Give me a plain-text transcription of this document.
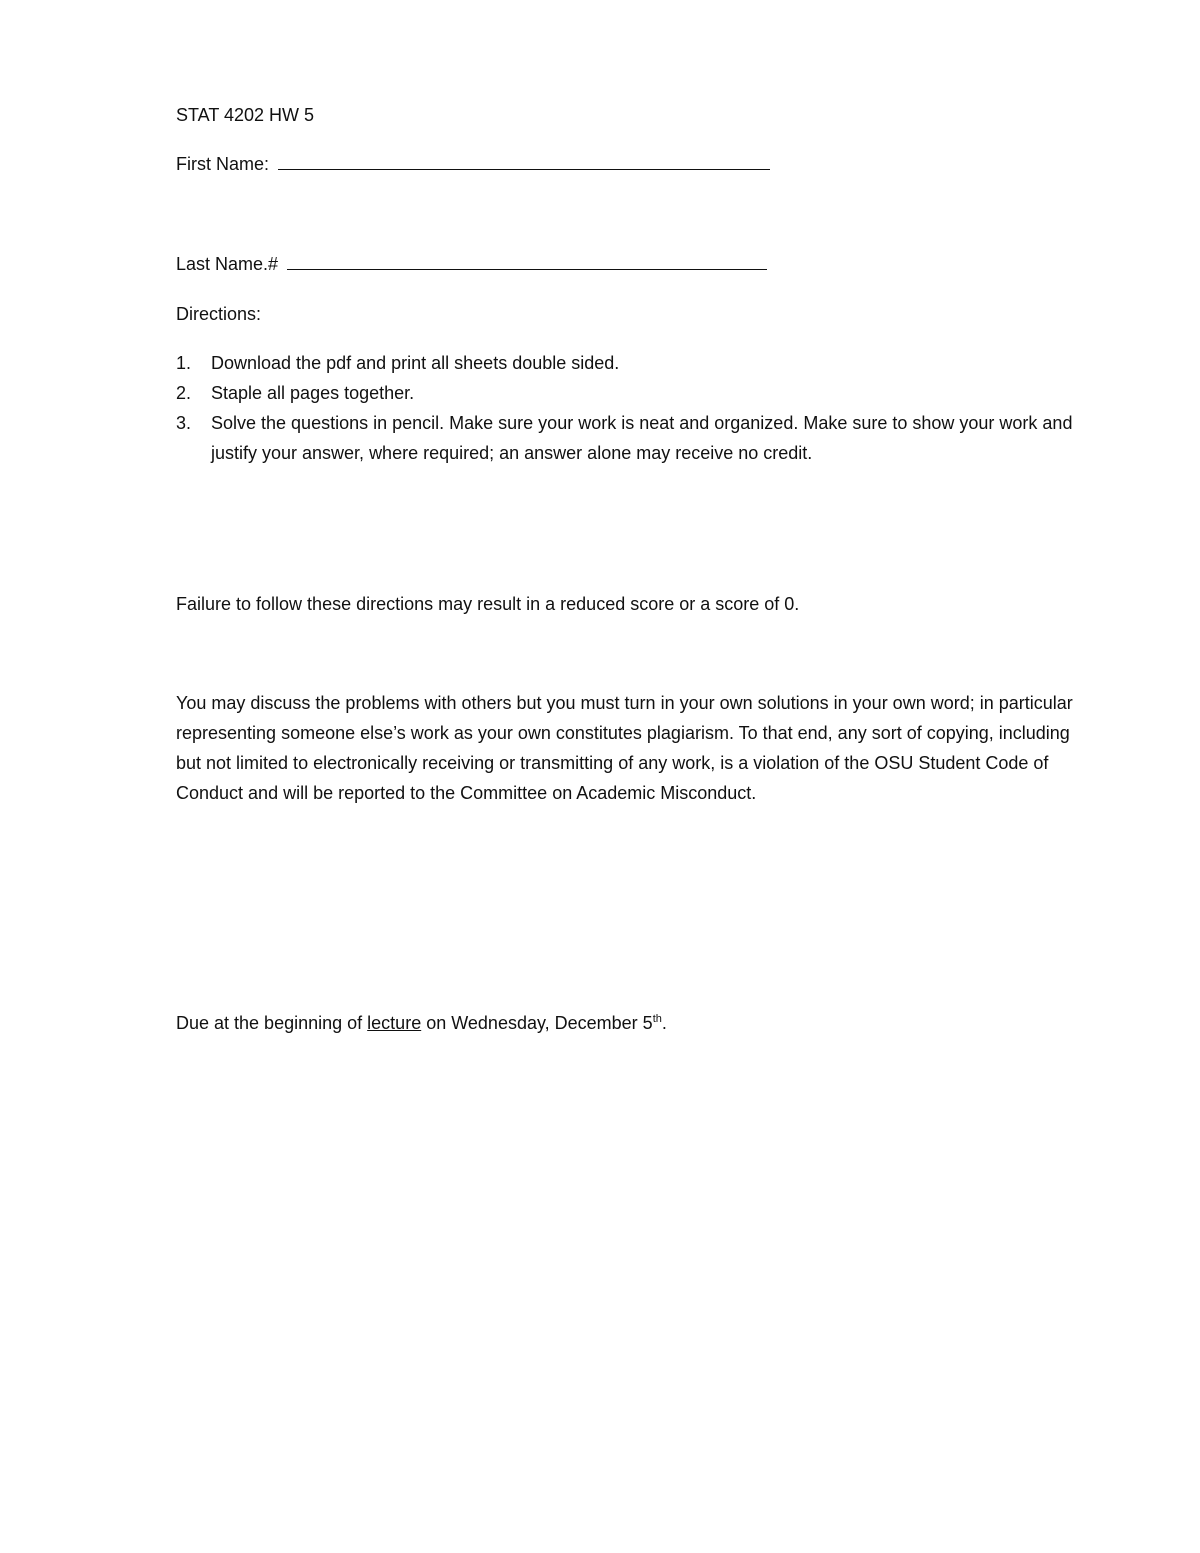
STAT 4202 HW 5
First Name:
Last Name.#
Directions:
1.	Download the pdf and print all sheets double sided.
2.	Staple all pages together.
3.	Solve the questions in pencil. Make sure your work is neat and organized. Make sure to show your work and justify your answer, where required; an answer alone may receive no credit.
Failure to follow these directions may result in a reduced score or a score of 0.
You may discuss the problems with others but you must turn in your own solutions in your own word; in particular representing someone else’s work as your own constitutes plagiarism. To that end, any sort of copying, including but not limited to electronically receiving or transmitting of any work, is a violation of the OSU Student Code of Conduct and will be reported to the Committee on Academic Misconduct.
Due at the beginning of lecture on Wednesday, December 5th.
